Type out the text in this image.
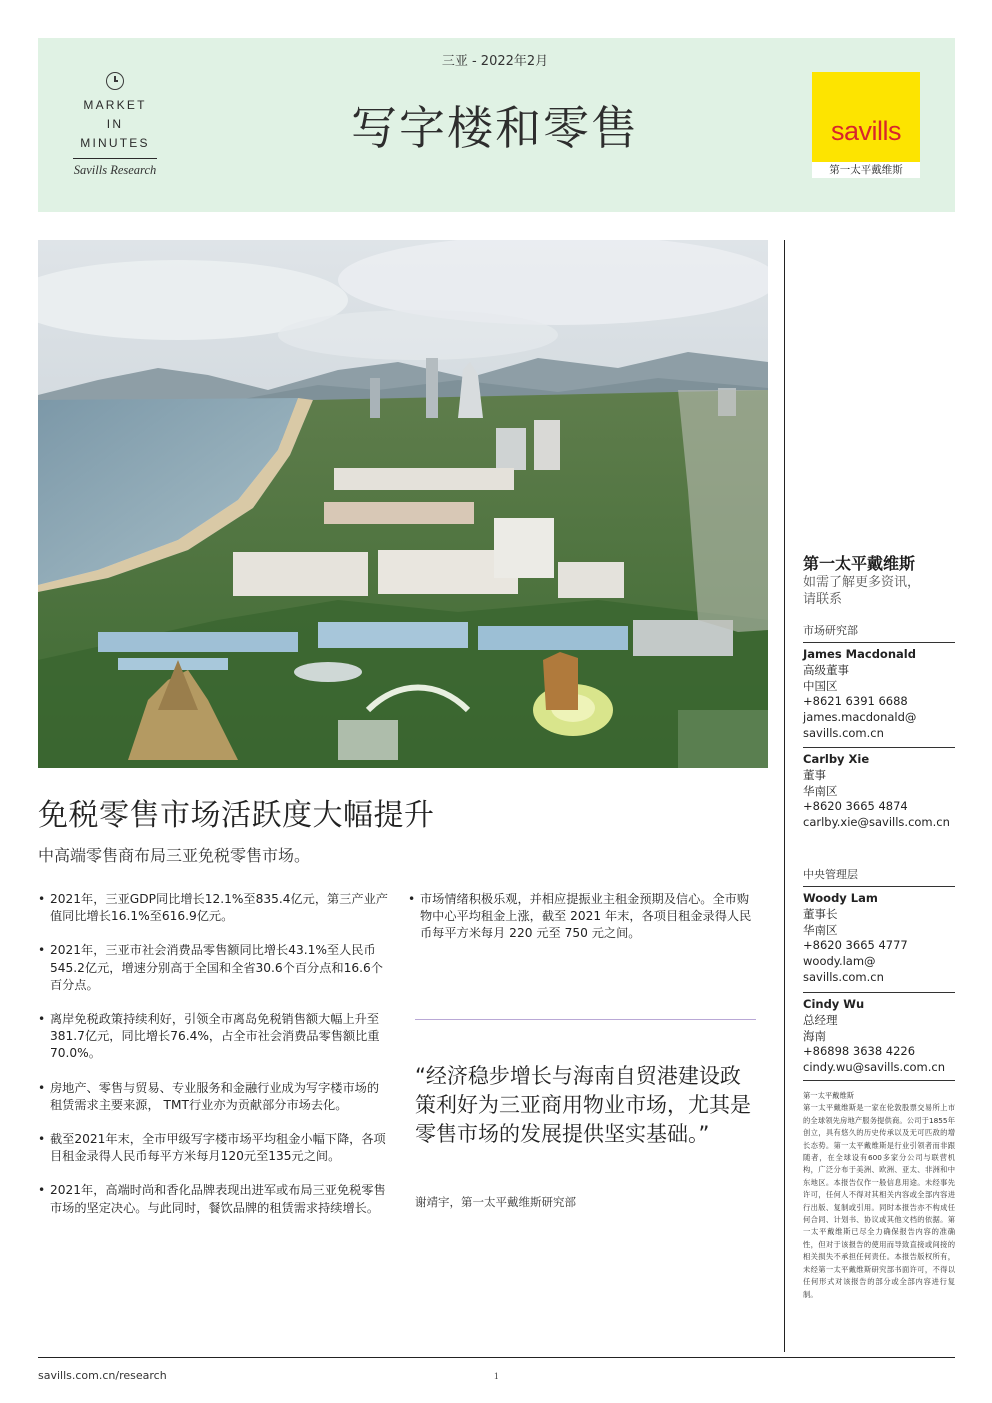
MARKET
IN
MINUTES
Savills Research
三亚 - 2022年2月
写字楼和零售	savills
第一太平戴维斯
免税零售市场活跃度大幅提升
中高端零售商布局三亚免税零售市场。
• 2021年，三亚GDP同比增长12.1%至835.4亿元，第三产业产值同比增长16.1%至616.9亿元。
• 2021年，三亚市社会消费品零售额同比增长43.1%至人民币545.2亿元，增速分别高于全国和全省30.6个百分点和16.6个百分点。
• 离岸免税政策持续利好，引领全市离岛免税销售额大幅上升至381.7亿元，同比增长76.4%，占全市社会消费品零售额比重70.0%。
• 房地产、零售与贸易、专业服务和金融行业成为写字楼市场的租赁需求主要来源， TMT行业亦为贡献部分市场去化。
• 截至2021年末，全市甲级写字楼市场平均租金小幅下降，各项目租金录得人民币每平方米每月120元至135元之间。
• 2021年，高端时尚和香化品牌表现出进军或布局三亚免税零售市场的坚定决心。与此同时，餐饮品牌的租赁需求持续增长。
• 市场情绪积极乐观，并相应提振业主租金预期及信心。全市购物中心平均租金上涨，截至 2021 年末，各项目租金录得人民币每平方米每月 220 元至 750 元之间。
“经济稳步增长与海南自贸港建设政策利好为三亚商用物业市场，尤其是零售市场的发展提供坚实基础。”
谢靖宇，第一太平戴维斯研究部
第一太平戴维斯
如需了解更多资讯，
请联系
市场研究部
James Macdonald
高级董事
中国区
+8621 6391 6688
james.macdonald@
savills.com.cn
Carlby Xie
董事
华南区
+8620 3665 4874
carlby.xie@savills.com.cn
中央管理层
Woody Lam
董事长
华南区
+8620 3665 4777
woody.lam@
savills.com.cn
Cindy Wu
总经理
海南
+86898 3638 4226
cindy.wu@savills.com.cn
第一太平戴维斯
第一太平戴维斯是一家在伦敦股票交易所上市的全球领先房地产服务提供商。公司于1855年创立，具有悠久的历史传承以及无可匹敌的增长态势。第一太平戴维斯是行业引领者而非跟随者，在全球设有600多家分公司与联营机构，广泛分布于美洲、欧洲、亚太、非洲和中东地区。本报告仅作一般信息用途。未经事先许可，任何人不得对其相关内容或全部内容进行出版、复制或引用。同时本报告亦不构成任何合同、计划书、协议或其他文档的依据。第一太平戴维斯已尽全力确保报告内容的准确性，但对于该报告的使用而导致直接或间接的相关损失不承担任何责任。本报告版权所有，未经第一太平戴维斯研究部书面许可，不得以任何形式对该报告的部分或全部内容进行复制。
savills.com.cn/research	1
